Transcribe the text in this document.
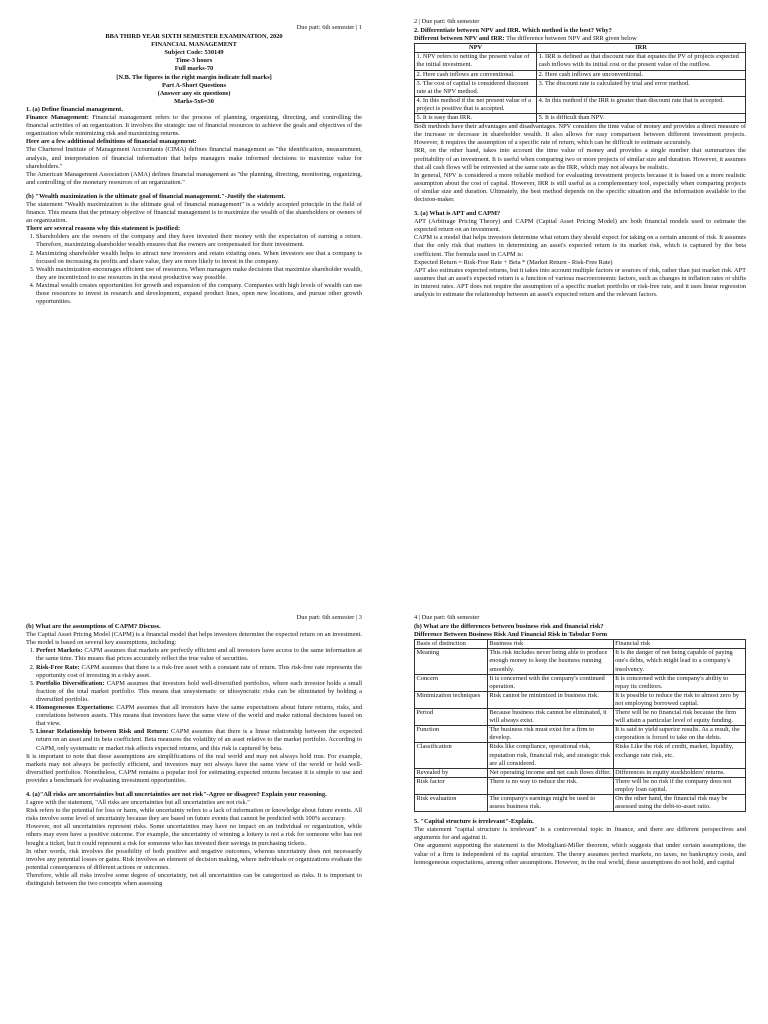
Due part: 6th semester | 1
BBA THIRD YEAR SIXTH SEMESTER EXAMINATION, 2020
FINANCIAL MANAGEMENT
Subject Code: 530149
Time-3 hours
Full marks-70
[N.B. The figures in the right margin indicate full marks]
Part A-Short Questions
(Answer any six questions)
Marks-5x6=30

1. (a) Define financial management.

Finance Management: Financial management refers to the process of planning, organizing, directing, and controlling the financial activities of an organization. It involves the strategic use of financial resources to achieve the goals and objectives of the organization while minimizing risk and maximizing returns.

Here are a few additional definitions of financial management:

The Chartered Institute of Management Accountants (CIMA) defines financial management as "the identification, measurement, analysis, and interpretation of financial information that helps managers make informed decisions to maximize value for shareholders."

The American Management Association (AMA) defines financial management as "the planning, directing, monitoring, organizing, and controlling of the monetary resources of an organization."

(b) "Wealth maximization is the ultimate goal of financial management."-Justify the statement.

The statement "Wealth maximization is the ultimate goal of financial management" is a widely accepted principle in the field of finance. This means that the primary objective of financial management is to maximize the wealth of the shareholders or owners of an organization.

There are several reasons why this statement is justified:

1. Shareholders are the owners of the company and they have invested their money with the expectation of earning a return. Therefore, maximizing shareholder wealth ensures that the owners are compensated for their investment.
2. Maximizing shareholder wealth helps to attract new investors and retain existing ones. When investors see that a company is focused on increasing its profits and share value, they are more likely to invest in the company.
3. Wealth maximization encourages efficient use of resources. When managers make decisions that maximize shareholder wealth, they are incentivized to use resources in the most productive way possible.
4. Maximal wealth creates opportunities for growth and expansion of the company. Companies with high levels of wealth can use those resources to invest in research and development, expand product lines, open new locations, and pursue other growth opportunities.
2 | Due part: 6th semester

2. Differentiate between NPV and IRR. Which method is the best? Why?

Different between NPV and IRR: The difference between NPV and IRR given below

NPV	IRR
1. NPV refers to netting the present value of the initial investment.	1. IRR is defined as that discount rate that equates the PV of projects expected cash inflows with its initial cost or the present value of the outflow.
2. Here cash inflows are conventional.	2. Here cash inflows are unconventional.
3. The cost of capital is considered discount rate at the NPV method.	3. The discount rate is calculated by trial and error method.
4. In this method if the net present value of a project is positive that is accepted.	4. In this method if the IRR is greater than discount rate that is accepted.
5. It is easy than IRR.	5. It is difficult than NPV.

Both methods have their advantages and disadvantages. NPV considers the time value of money and provides a direct measure of the increase or decrease in shareholder wealth. It also allows for easy comparison between different investment projects. However, it requires the assumption of a specific rate of return, which can be difficult to estimate accurately.

IRR, on the other hand, takes into account the time value of money and provides a single number that summarizes the profitability of an investment. It is useful when comparing two or more projects of similar size and duration. However, it assumes that all cash flows will be reinvested at the same rate as the IRR, which may not always be realistic.

In general, NPV is considered a more reliable method for evaluating investment projects because it is based on a more realistic assumption about the cost of capital. However, IRR is still useful as a complementary tool, especially when comparing projects of similar size and duration. Ultimately, the best method depends on the specific situation and the information available to the decision-maker.

3. (a) What is APT and CAPM?

APT (Arbitrage Pricing Theory) and CAPM (Capital Asset Pricing Model) are both financial models used to estimate the expected return on an investment.

CAPM is a model that helps investors determine what return they should expect for taking on a certain amount of risk. It assumes that the only risk that matters in determining an asset's expected return is its market risk, which is captured by the beta coefficient. The formula used in CAPM is:

Expected Return = Risk-Free Rate + Beta * (Market Return - Risk-Free Rate)

APT also estimates expected returns, but it takes into account multiple factors or sources of risk, rather than just market risk. APT assumes that an asset's expected return is a function of various macroeconomic factors, such as changes in inflation rates or shifts in interest rates. APT does not require the assumption of a specific market portfolio or risk-free rate, and it uses linear regression analysis to estimate the relationship between an asset's expected return and the relevant factors.

Due part: 6th semester | 3

(b) What are the assumptions of CAPM? Discuss.

The Capital Asset Pricing Model (CAPM) is a financial model that helps investors determine the expected return on an investment. The model is based on several key assumptions, including:

1. Perfect Markets: CAPM assumes that markets are perfectly efficient and all investors have access to the same information at the same time. This means that prices accurately reflect the true value of securities.
2. Risk-Free Rate: CAPM assumes that there is a risk-free asset with a constant rate of return. This risk-free rate represents the opportunity cost of investing in a risky asset.
3. Portfolio Diversification: CAPM assumes that investors hold well-diversified portfolios, where each investor holds a small fraction of the total market portfolio. This means that unsystematic or idiosyncratic risks can be eliminated by holding a diversified portfolio.
4. Homogeneous Expectations: CAPM assumes that all investors have the same expectations about future returns, risks, and correlations between assets. This means that investors have the same view of the world and make rational decisions based on that view.
5. Linear Relationship between Risk and Return: CAPM assumes that there is a linear relationship between the expected return on an asset and its beta coefficient. Beta measures the volatility of an asset relative to the market portfolio. According to CAPM, only systematic or market risk affects expected returns, and this risk is captured by beta.

It is important to note that these assumptions are simplifications of the real world and may not always hold true. For example, markets may not always be perfectly efficient, and investors may not always have the same view of the world or hold well-diversified portfolios. Nonetheless, CAPM remains a popular tool for estimating expected returns because it is simple to use and provides a benchmark for evaluating investment opportunities.

4. (a)"All risks are uncertainties but all uncertainties are not risk"-Agree or disagree? Explain your reasoning.

I agree with the statement, "All risks are uncertainties but all uncertainties are not risk."

Risk refers to the potential for loss or harm, while uncertainty refers to a lack of information or knowledge about future events. All risks involve some level of uncertainty because they are based on future events that cannot be predicted with 100% accuracy.

However, not all uncertainties represent risks. Some uncertainties may have no impact on an individual or organization, while others may even have a positive outcome. For example, the uncertainty of winning a lottery is not a risk for someone who has not bought a ticket, but it could represent a risk for someone who has invested their savings in purchasing tickets.

In other words, risk involves the possibility of both positive and negative outcomes, whereas uncertainty does not necessarily involve any potential losses or gains. Risk involves an element of decision making, where individuals or organizations evaluate the potential consequences of different actions or outcomes.

Therefore, while all risks involve some degree of uncertainty, not all uncertainties can be categorized as risks. It is important to distinguish between the two concepts when assessing

4 | Due part: 6th semester

(b) What are the differences between business risk and financial risk?

Difference Between Business Risk And Financial Risk in Tabular Form

Basis of distinction	Business risk	Financial risk
Meaning	This risk includes never being able to produce enough money to keep the business running smoothly.	It is the danger of not being capable of paying one's debts, which might lead to a company's insolvency.
Concern	It is concerned with the company's continued operation.	It is concerned with the company's ability to repay its creditors.
Minimization techniques	Risk cannot be minimized in business risk.	It is possible to reduce the risk to almost zero by not employing borrowed capital.
Period	Because business risk cannot be eliminated, it will always exist.	There will be no financial risk because the firm will attain a particular level of equity funding.
Function	The business risk must exist for a firm to develop.	It is said to yield superior results. As a result, the corporation is forced to take on the debts.
Classification	Risks like compliance, operational risk, reputation risk, financial risk, and strategic risk are all considered.	Risks Like the risk of credit, market, liquidity, exchange rate risk, etc.
Revealed by	Net operating income and net cash flows differ.	Differences in equity stockholders' returns.
Risk factor	There is no way to reduce the risk.	There will be no risk if the company does not employ loan capital.
Risk evaluation	The company's earnings might be used to assess business risk.	On the other hand, the financial risk may be assessed using the debt-to-asset ratio.

5. "Capital structure is irrelevant"-Explain.

The statement "capital structure is irrelevant" is a controversial topic in finance, and there are different perspectives and arguments for and against it.

One argument supporting the statement is the Modigliani-Miller theorem, which suggests that under certain assumptions, the value of a firm is independent of its capital structure. The theory assumes perfect markets, no taxes, no bankruptcy costs, and homogeneous expectations, among other assumptions. However, in the real world, these assumptions do not hold, and capital
